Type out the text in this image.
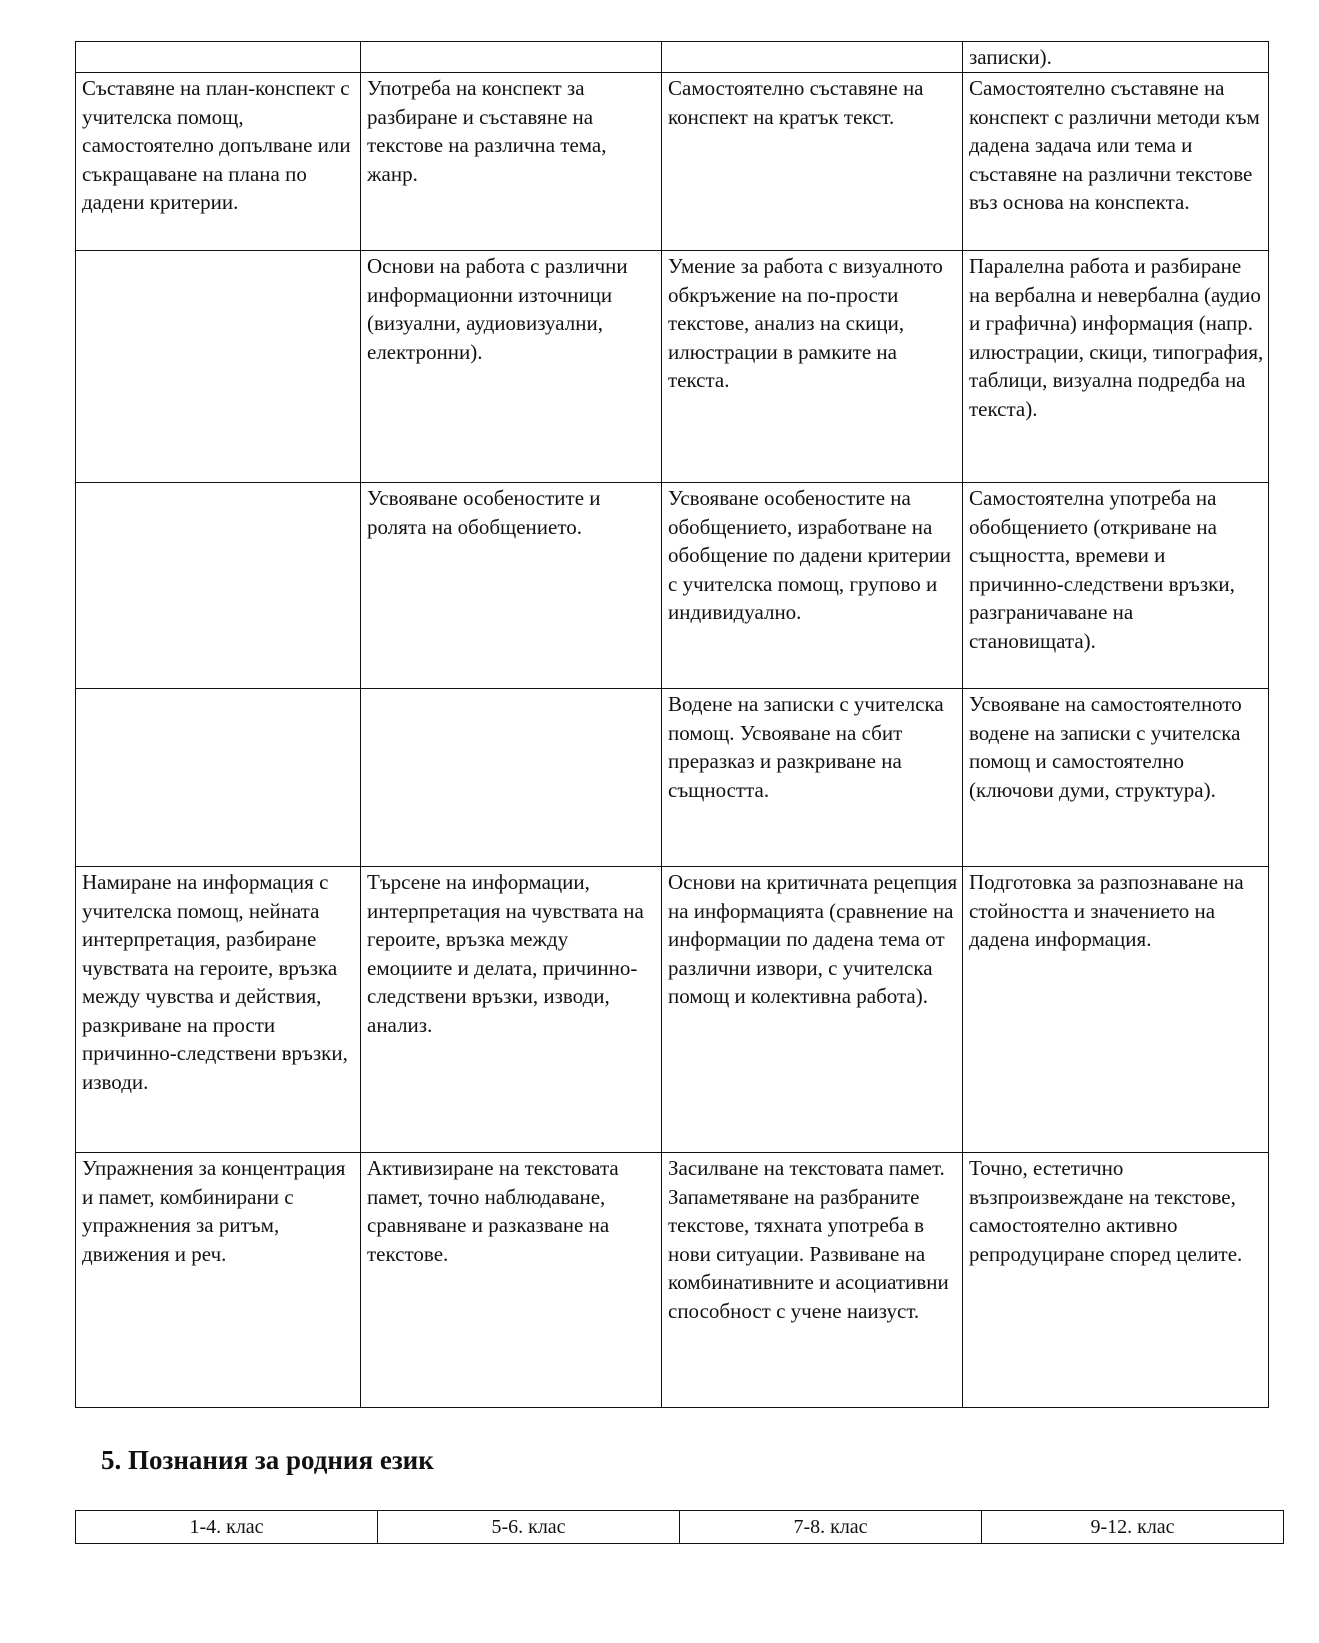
			записки).
Съставяне на план-конспект с учителска помощ, самостоятелно допълване или съкращаване на плана по дадени критерии.	Употреба на конспект за разбиране и съставяне на текстове на различна тема, жанр.	Самостоятелно съставяне на конспект на кратък текст.	Самостоятелно съставяне на конспект с различни методи към дадена задача или тема и съставяне на различни текстове въз основа на конспекта.
	Основи на работа с различни информационни източници (визуални, аудиовизуални, електронни).	Умение за работа с визуалното обкръжение на по-прости текстове, анализ на скици, илюстрации в рамките на текста.	Паралелна работа и разбиране на вербална и невербална (аудио и графична) информация (напр. илюстрации, скици, типография, таблици, визуална подредба на текста).
	Усвояване особеностите и ролята на обобщението.	Усвояване особеностите на обобщението, изработване на обобщение по дадени критерии с учителска помощ, групово и индивидуално.	Самостоятелна употреба на обобщението (откриване на същността, времеви и причинно-следствени връзки, разграничаване на становищата).
		Водене на записки с учителска помощ. Усвояване на сбит преразказ и разкриване на същността.	Усвояване на самостоятелното водене на записки с учителска помощ и самостоятелно (ключови думи, структура).
Намиране на информация с учителска помощ, нейната интерпретация, разбиране чувствата на героите, връзка между чувства и действия, разкриване на прости причинно-следствени връзки, изводи.	Търсене на информации, интерпретация на чувствата на героите, връзка между емоциите и делата, причинно-следствени връзки, изводи, анализ.	Основи на критичната рецепция на информацията (сравнение на информации по дадена тема от различни извори, с учителска помощ и колективна работа).	Подготовка за разпознаване на стойността и значението на дадена информация.
Упражнения за концентрация и памет, комбинирани с упражнения за ритъм, движения и реч.	Активизиране на текстовата памет, точно наблюдаване, сравняване и разказване на текстове.	Засилване на текстовата памет. Запаметяване на разбраните текстове, тяхната употреба в нови ситуации. Развиване на комбинативните и асоциативни способност с учене наизуст.	Точно, естетично възпроизвеждане на текстове, самостоятелно активно репродуциране според целите.
5. Познания за родния език
1-4. клас	5-6. клас	7-8. клас	9-12. клас
